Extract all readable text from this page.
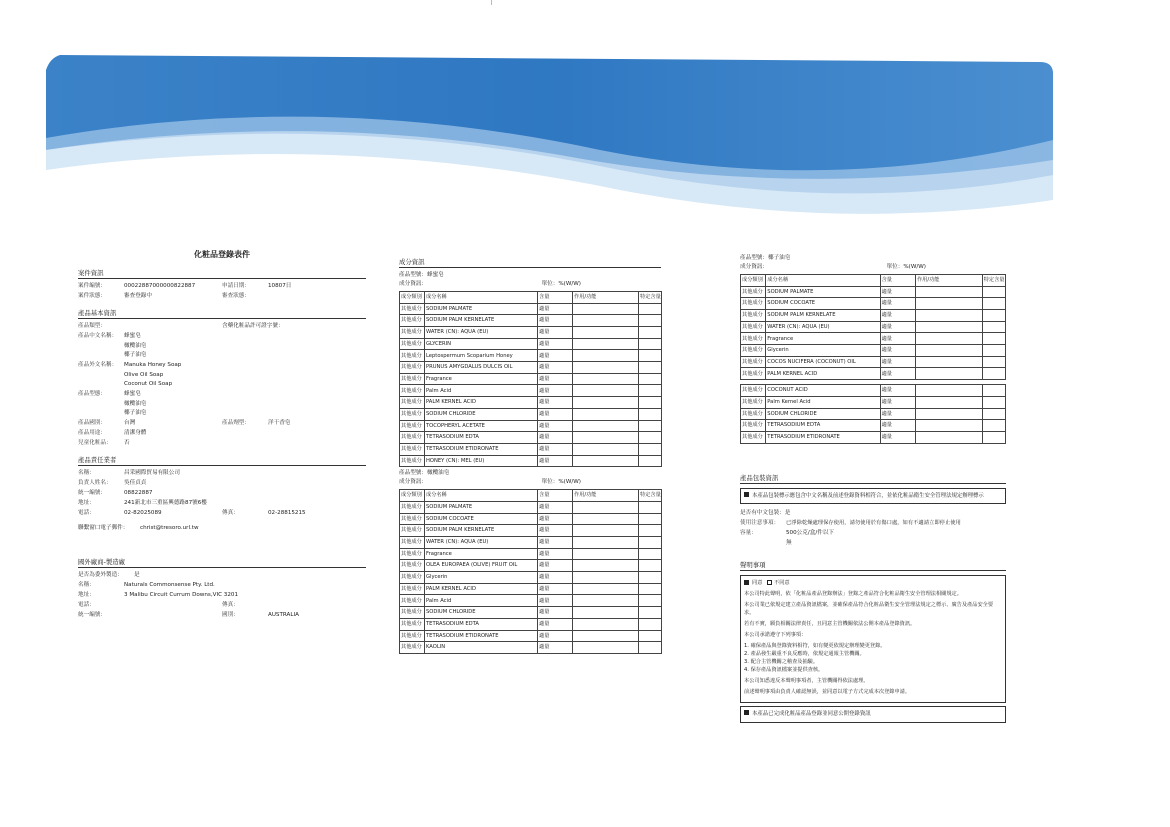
化粧品登錄表件
案件資訊
案件編號：	00022887000000822887	申請日期：	10807日
案件狀態：	審查登錄中	審查狀態：
產品基本資訊
產品類型：	含藥化粧品許可證字號：
產品中文名稱：	蜂蜜皂
橄欖油皂
椰子油皂
產品外文名稱：	Manuka Honey Soap
Olive Oil Soap
Coconut Oil Soap
產品型態：	蜂蜜皂
橄欖油皂
椰子油皂
產品國別：	台灣	產品劑型：	洋干香皂
產品用途：	清潔身體
兒童化粧品：	否
產品責任業者
名稱：	昌采國際貿易有限公司
負責人姓名：	吳佳貞貞
統一編號：	08822887
地址：	241新北市三重區興德路87號6樓
電話：	02-82025089	傳真：	02-28815215
聯繫窗口電子郵件：	christ@tresoro.url.tw
國外廠商-製造廠
是否為委外製造：	是
名稱：	Naturals Commonsense Pty. Ltd.
地址：	3 Malibu Circuit Currum Downs,VIC 3201
電話：	傳真：
統一編號：	國別：	AUSTRALIA
成分資訊
產品型號：蜂蜜皂
成分資訊：	單位：%(W/W)
成分類別	成分名稱	含量	作用/功能	特定含量
其他成分	SODIUM PALMATE	適量		
其他成分	SODIUM PALM KERNELATE	適量		
其他成分	WATER (CN): AQUA (EU)	適量		
其他成分	GLYCERIN	適量		
其他成分	Leptospermum Scoparium Honey	適量		
其他成分	PRUNUS AMYGDALUS DULCIS OIL	適量		
其他成分	Fragrance	適量		
其他成分	Palm Acid	適量		
其他成分	PALM KERNEL ACID	適量		
其他成分	SODIUM CHLORIDE	適量		
其他成分	TOCOPHERYL ACETATE	適量		
其他成分	TETRASODIUM EDTA	適量		
其他成分	TETRASODIUM ETIDRONATE	適量		
其他成分	HONEY (CN): MEL (EU)	適量		
產品型號：橄欖油皂
成分資訊：	單位：%(W/W)
成分類別	成分名稱	含量	作用/功能	特定含量
其他成分	SODIUM PALMATE	適量		
其他成分	SODIUM COCOATE	適量		
其他成分	SODIUM PALM KERNELATE	適量		
其他成分	WATER (CN): AQUA (EU)	適量		
其他成分	Fragrance	適量		
其他成分	OLEA EUROPAEA (OLIVE) FRUIT OIL	適量		
其他成分	Glycerin	適量		
其他成分	PALM KERNEL ACID	適量		
其他成分	Palm Acid	適量		
其他成分	SODIUM CHLORIDE	適量		
其他成分	TETRASODIUM EDTA	適量		
其他成分	TETRASODIUM ETIDRONATE	適量		
其他成分	KAOLIN	適量		
產品型號：椰子油皂
成分資訊：	單位：%(W/W)
成分類別	成分名稱	含量	作用/功能	特定含量
其他成分	SODIUM PALMATE	適量		
其他成分	SODIUM COCOATE	適量		
其他成分	SODIUM PALM KERNELATE	適量		
其他成分	WATER (CN): AQUA (EU)	適量		
其他成分	Fragrance	適量		
其他成分	Glycerin	適量		
其他成分	COCOS NUCIFERA (COCONUT) OIL	適量		
其他成分	PALM KERNEL ACID	適量		
其他成分	COCONUT ACID	適量		
其他成分	Palm Kernel Acid	適量		
其他成分	SODIUM CHLORIDE	適量		
其他成分	TETRASODIUM EDTA	適量		
其他成分	TETRASODIUM ETIDRONATE	適量		
產品包裝資訊
本產品包裝標示應包含中文名稱及前述登錄資料相符合，並依化粧品衛生安全管理法規定辦理標示
是否有中文包裝：是
使用注意事項：	已淨除乾燥處理保存使用，請勿使用於有傷口處，如有不適請立即停止使用
容量：	500公克/盒/件以下
無
聲明事項
同意 不同意

本公司特此聲明，依「化粧品產品登錄辦法」登錄之產品符合化粧品衛生安全管理法相關規定。

本公司業已依規定建立產品資訊檔案，並確保產品符合化粧品衛生安全管理法規定之標示、廣告及產品安全要求。

若有不實，願負相關法律責任，且同意主管機關依法公開本產品登錄資訊。

本公司承諾遵守下列事項：

1. 確保產品與登錄資料相符，如有變更依規定辦理變更登錄。
2. 產品發生嚴重不良反應時，依規定通報主管機關。
3. 配合主管機關之稽查及抽驗。
4. 保存產品資訊檔案並提供查核。

本公司知悉違反本聲明事項者，主管機關得依法處理。

前述聲明事項由負責人確認無誤，並同意以電子方式完成本次登錄申請。

本產品已完成化粧品產品登錄並同意公開登錄資訊
